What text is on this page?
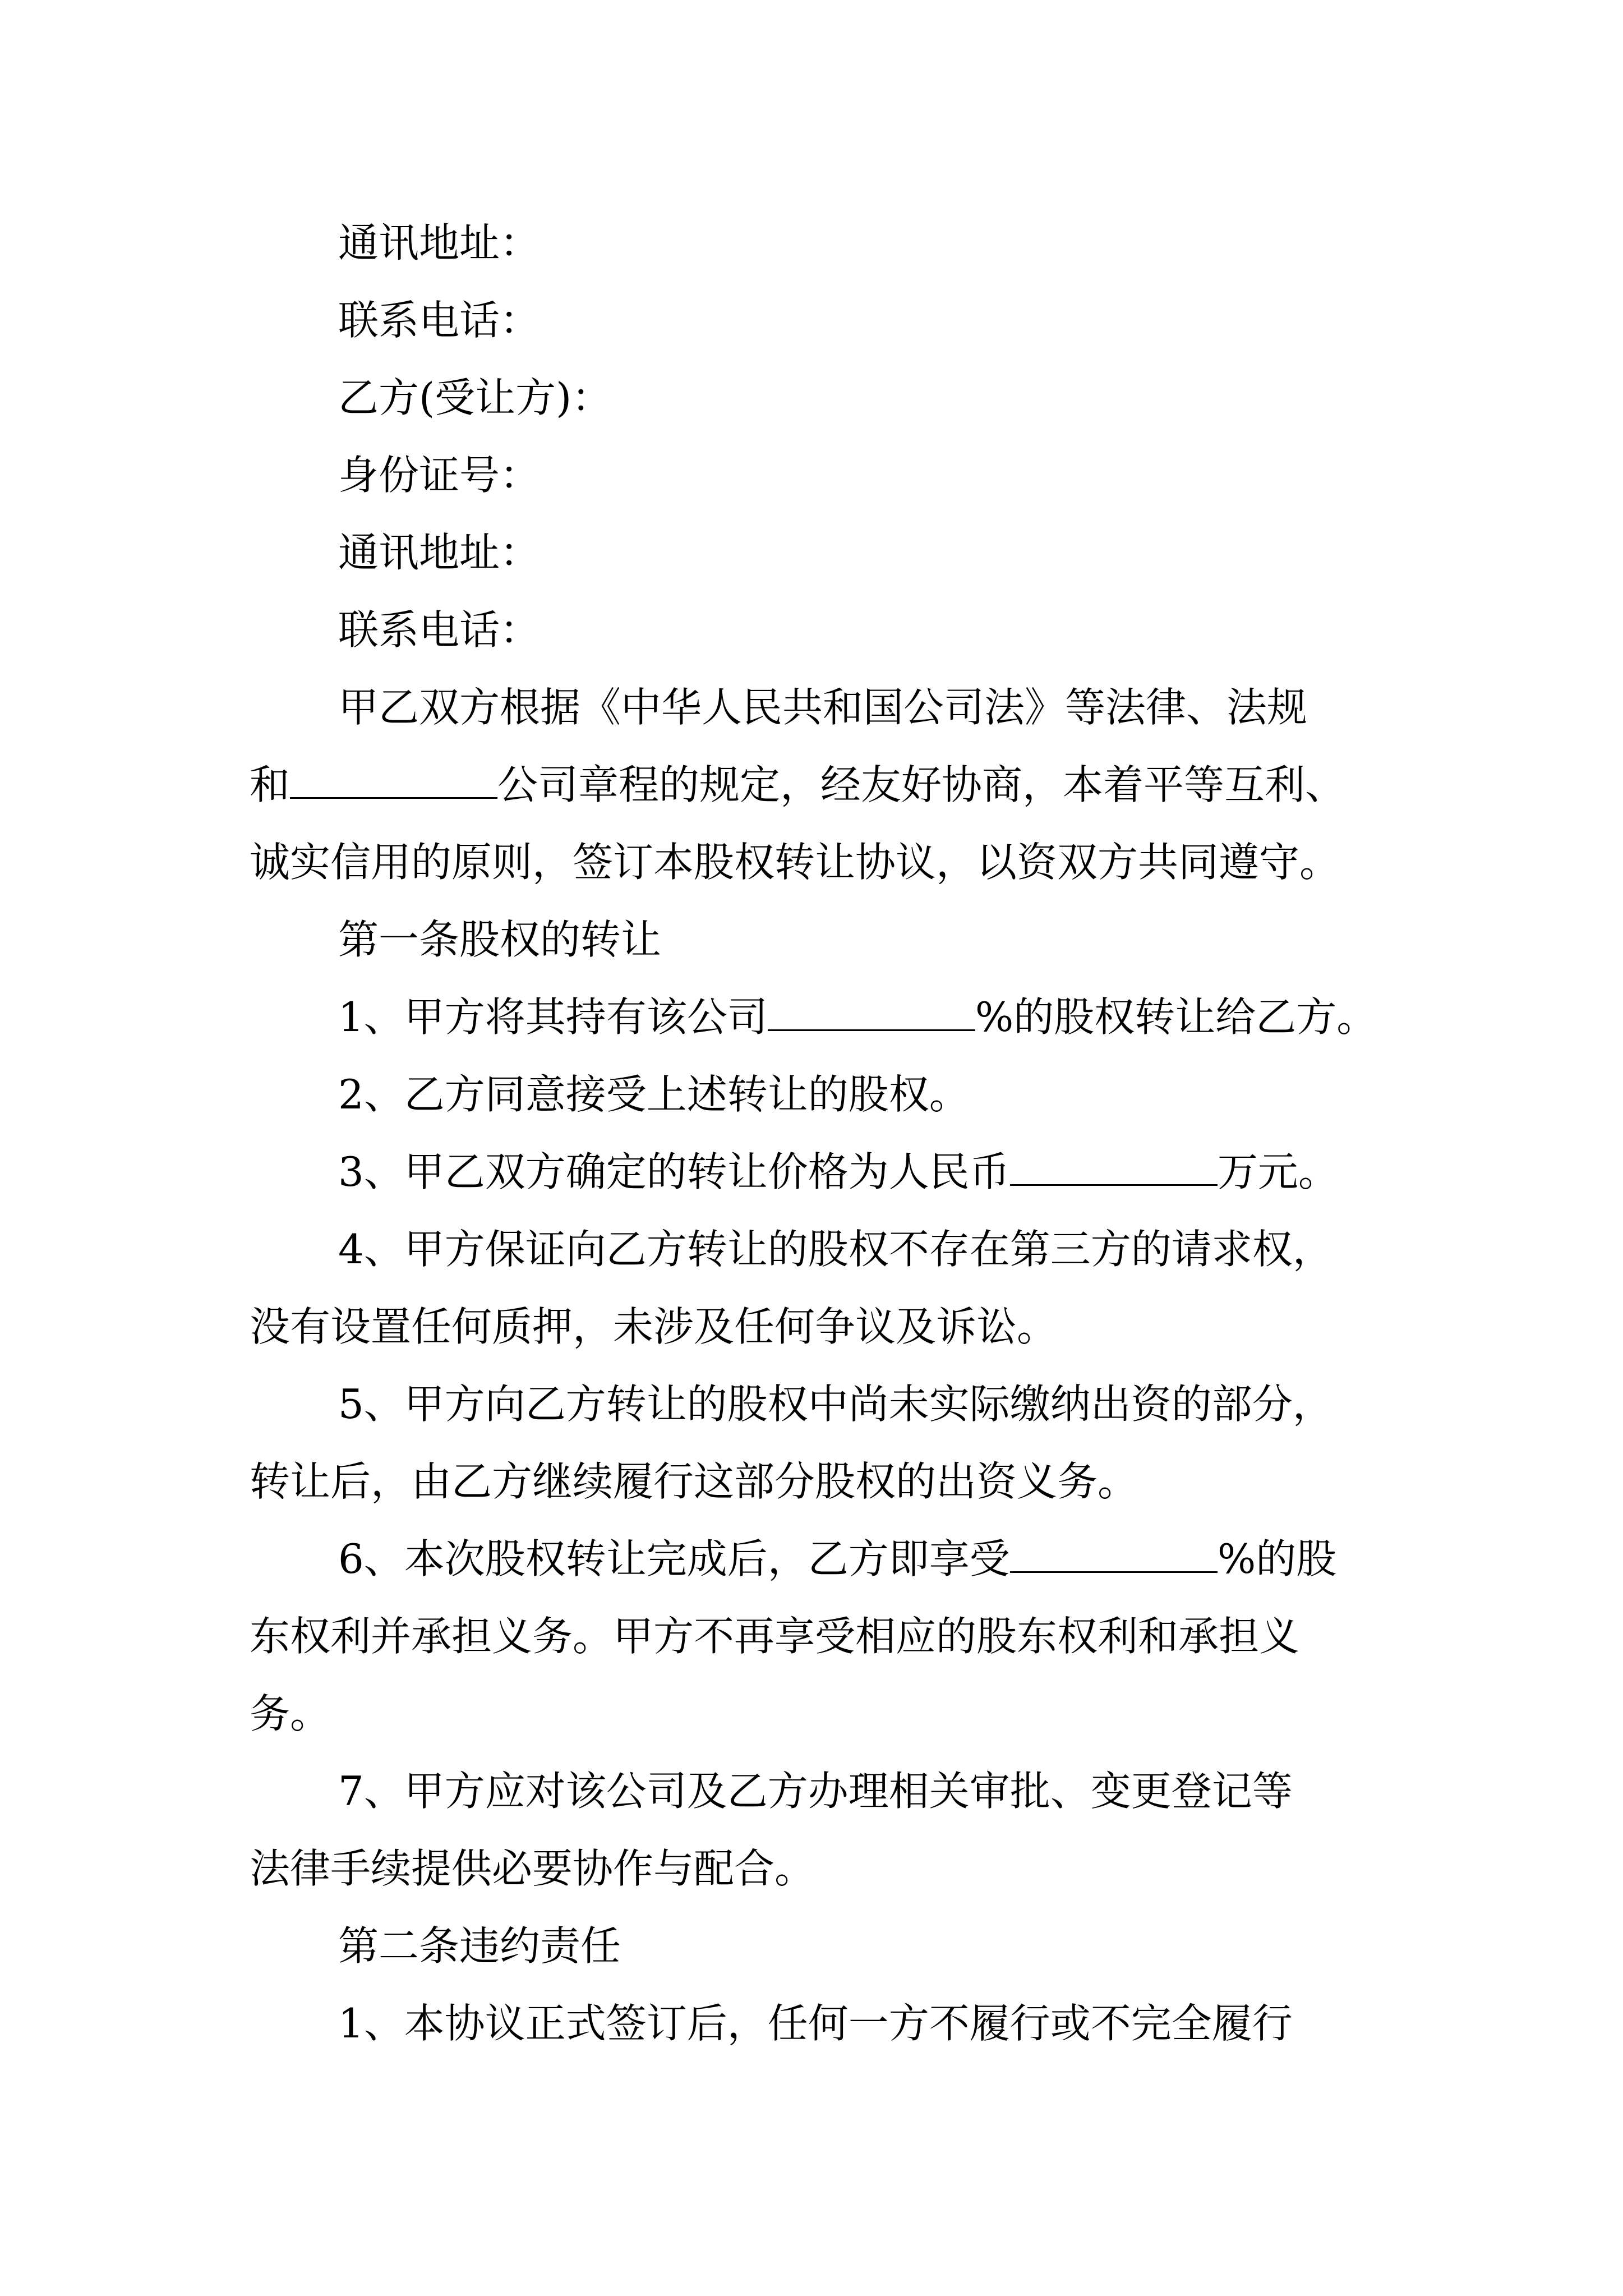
通讯地址：
联系电话：
乙方(受让方)：
身份证号：
通讯地址：
联系电话：
甲乙双方根据《中华人民共和国公司法》等法律、法规
和	公司章程的规定，经友好协商，本着平等互利、
诚实信用的原则，签订本股权转让协议，以资双方共同遵守。
第一条股权的转让
1、甲方将其持有该公司	%的股权转让给乙方。
2、乙方同意接受上述转让的股权。
3、甲乙双方确定的转让价格为人民币	万元。
4、甲方保证向乙方转让的股权不存在第三方的请求权，
没有设置任何质押，未涉及任何争议及诉讼。
5、甲方向乙方转让的股权中尚未实际缴纳出资的部分，
转让后，由乙方继续履行这部分股权的出资义务。
6、本次股权转让完成后，乙方即享受	%的股
东权利并承担义务。甲方不再享受相应的股东权利和承担义
务。
7、甲方应对该公司及乙方办理相关审批、变更登记等
法律手续提供必要协作与配合。
第二条违约责任
1、本协议正式签订后，任何一方不履行或不完全履行
